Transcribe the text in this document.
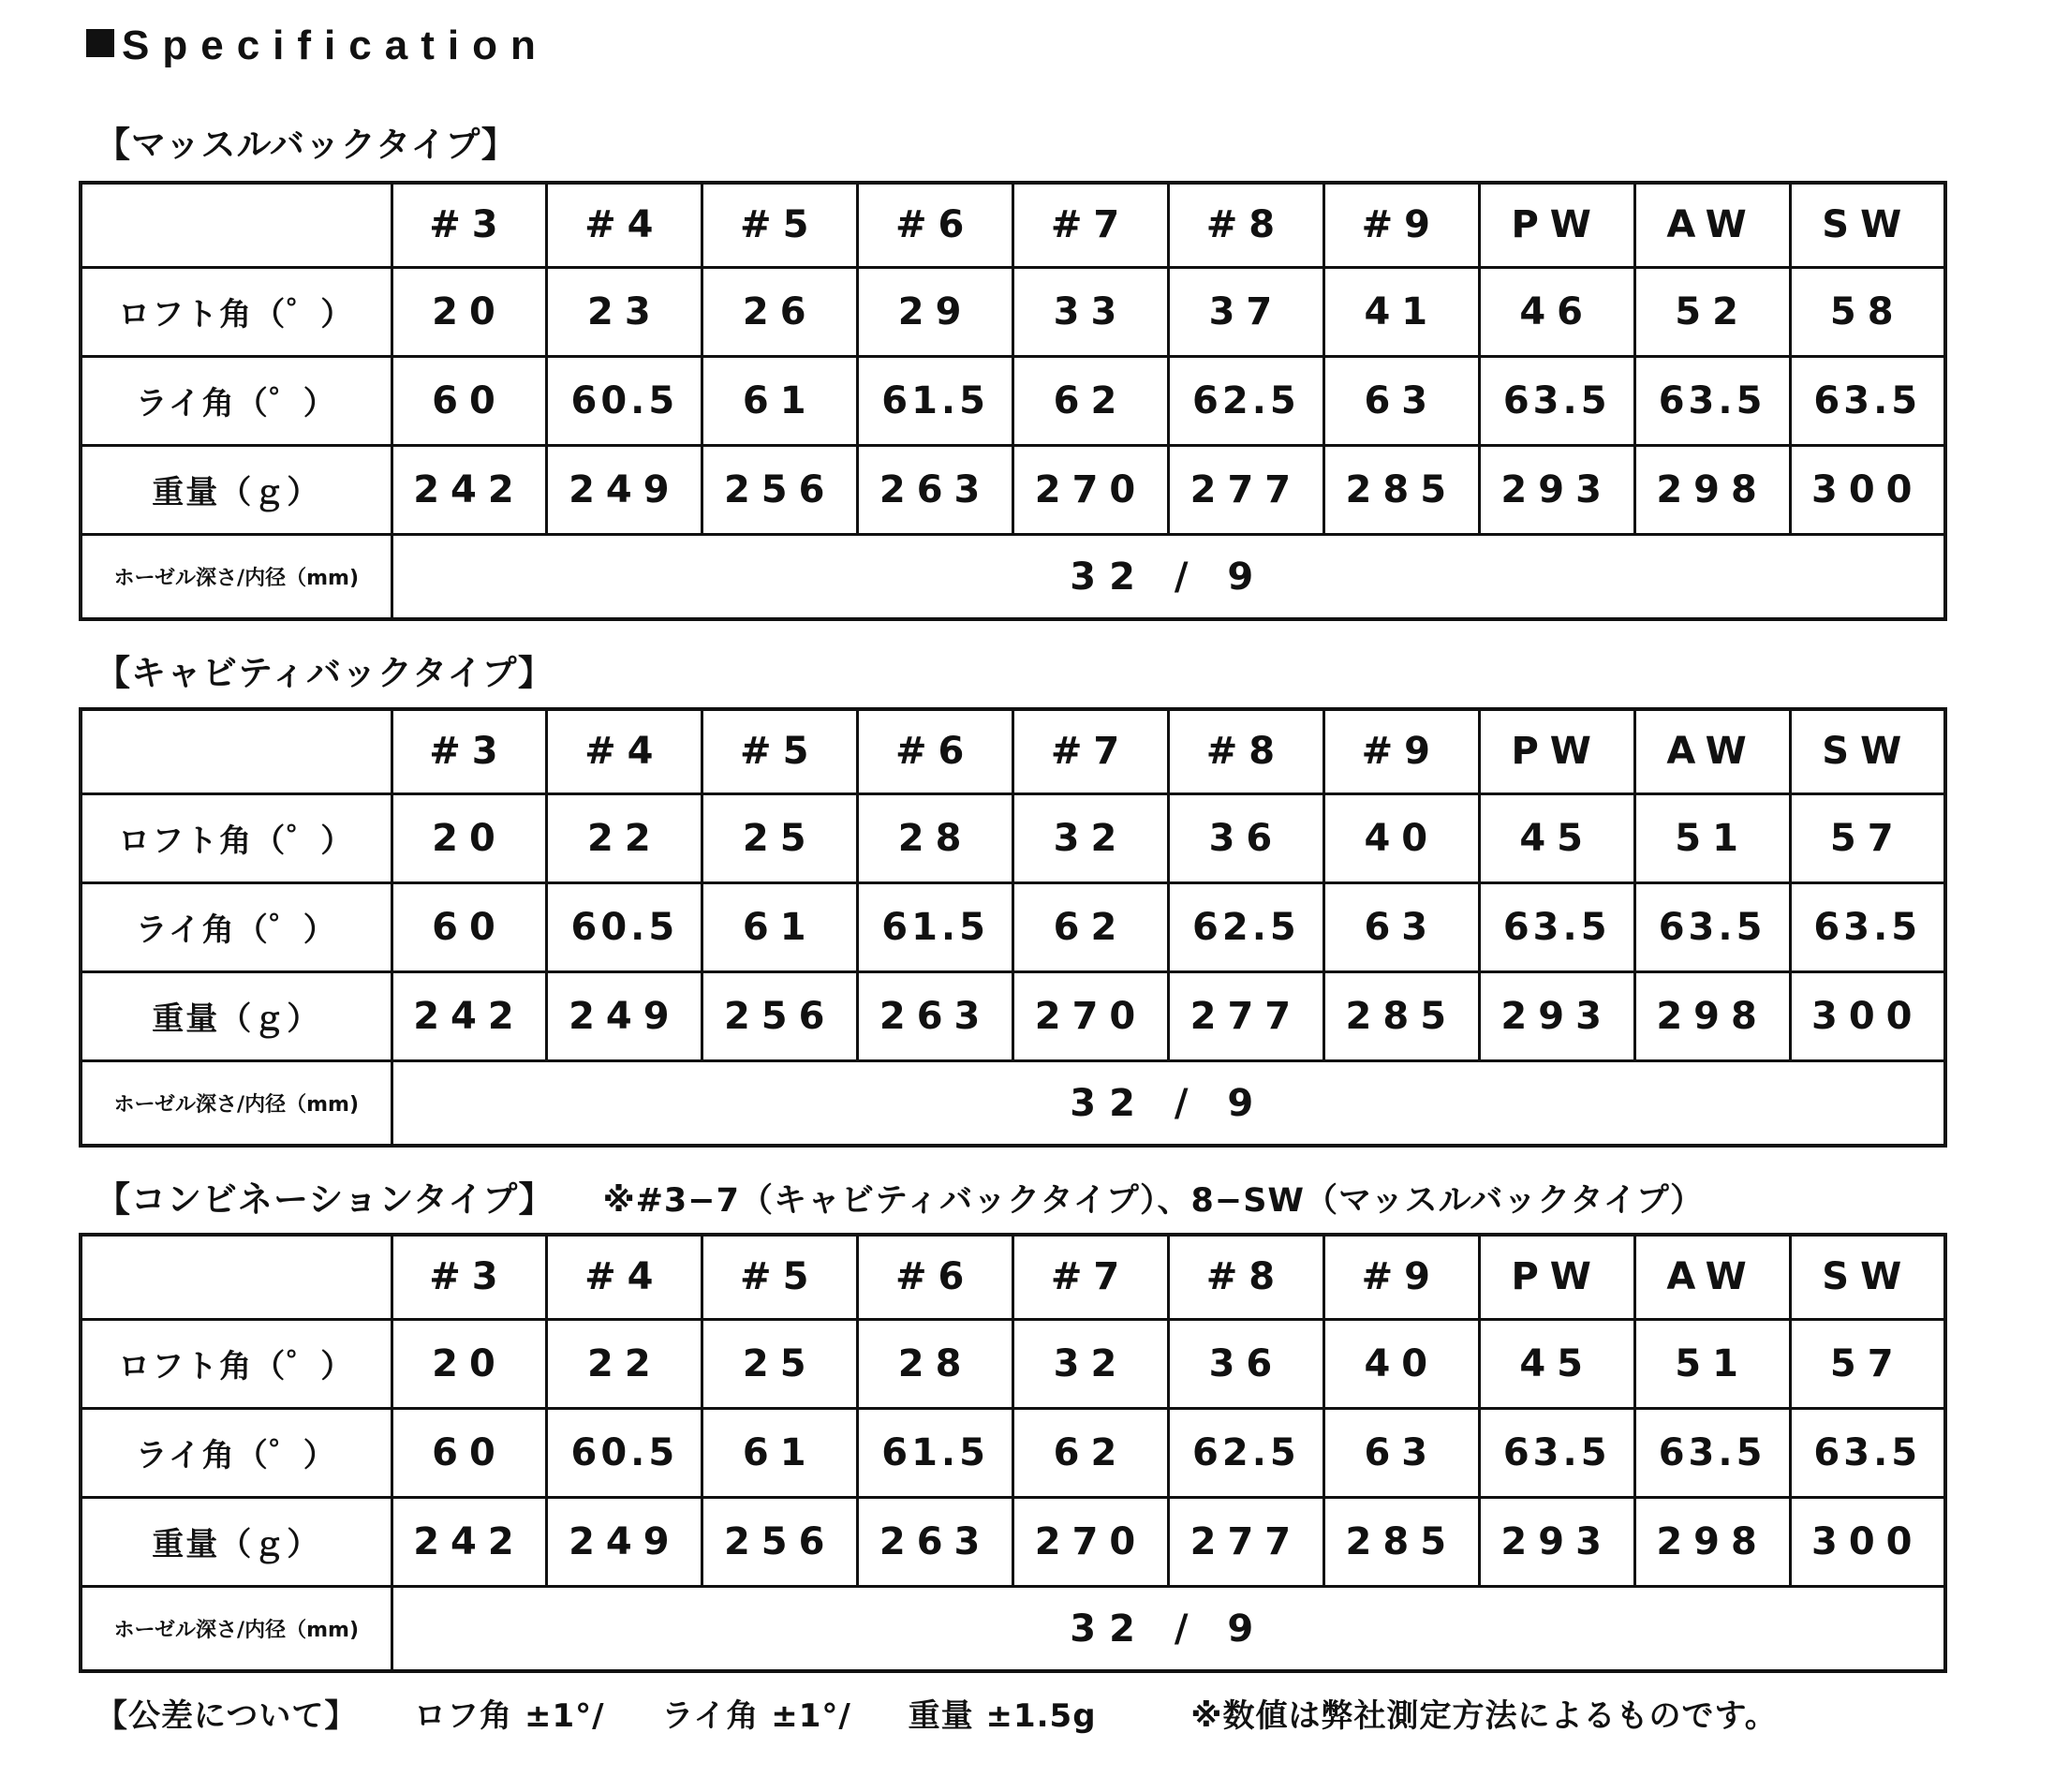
Specification
【マッスルバックタイプ】
	#3	#4	#5	#6	#7	#8	#9	PW	AW	SW
ロフト角（゜）	20	23	26	29	33	37	41	46	52	58
ライ角（゜）	60	60.5	61	61.5	62	62.5	63	63.5	63.5	63.5
重量（ｇ）	242	249	256	263	270	277	285	293	298	300
ホーゼル深さ/内径（mm)	32 / 9									
【キャビティバックタイプ】
	#3	#4	#5	#6	#7	#8	#9	PW	AW	SW
ロフト角（゜）	20	22	25	28	32	36	40	45	51	57
ライ角（゜）	60	60.5	61	61.5	62	62.5	63	63.5	63.5	63.5
重量（ｇ）	242	249	256	263	270	277	285	293	298	300
ホーゼル深さ/内径（mm)	32 / 9									
【コンビネーションタイプ】 ※#3−7（キャビティバックタイプ）、8−SW（マッスルバックタイプ）
	#3	#4	#5	#6	#7	#8	#9	PW	AW	SW
ロフト角（゜）	20	22	25	28	32	36	40	45	51	57
ライ角（゜）	60	60.5	61	61.5	62	62.5	63	63.5	63.5	63.5
重量（ｇ）	242	249	256	263	270	277	285	293	298	300
ホーゼル深さ/内径（mm)	32 / 9									
【公差について】 ロフ角 ±1°/ ライ角 ±1°/ 重量 ±1.5g	※数値は弊社測定方法によるものです。
